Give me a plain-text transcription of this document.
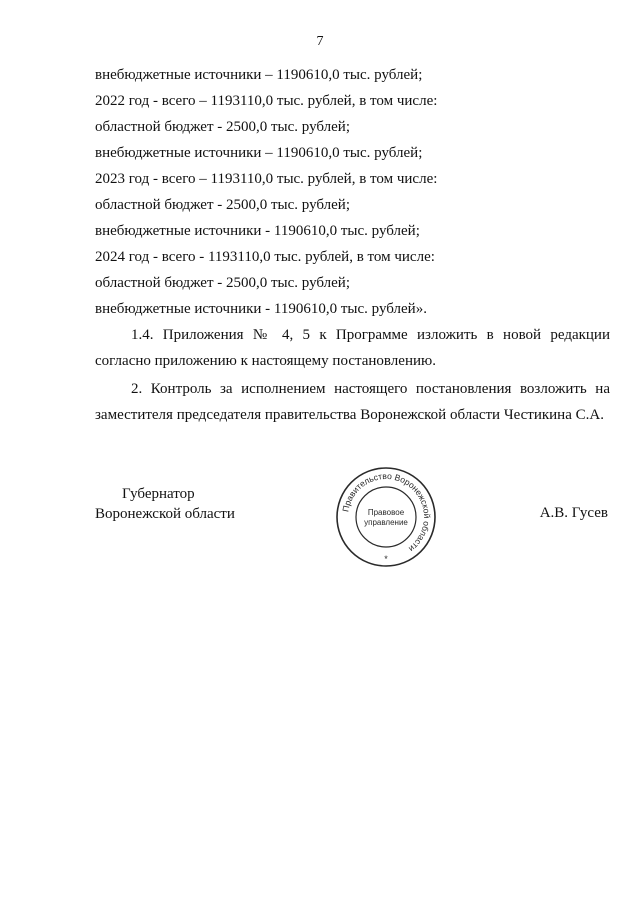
7
внебюджетные источники – 1190610,0 тыс. рублей;
2022 год - всего – 1193110,0 тыс. рублей, в том числе:
областной бюджет - 2500,0 тыс. рублей;
внебюджетные источники – 1190610,0 тыс. рублей;
2023 год - всего – 1193110,0 тыс. рублей, в том числе:
областной бюджет - 2500,0 тыс. рублей;
внебюджетные источники - 1190610,0 тыс. рублей;
2024 год - всего - 1193110,0 тыс. рублей, в том числе:
областной бюджет - 2500,0 тыс. рублей;
внебюджетные источники - 1190610,0 тыс. рублей».
1.4. Приложения № 4, 5 к Программе изложить в новой редакции
согласно приложению к настоящему постановлению.
2. Контроль за исполнением настоящего постановления возложить на
заместителя председателя правительства Воронежской области Честикина С.А.
Губернатор
Воронежской области	Правительство Воронежской области
Правовое
управление
*
А.В. Гусев
